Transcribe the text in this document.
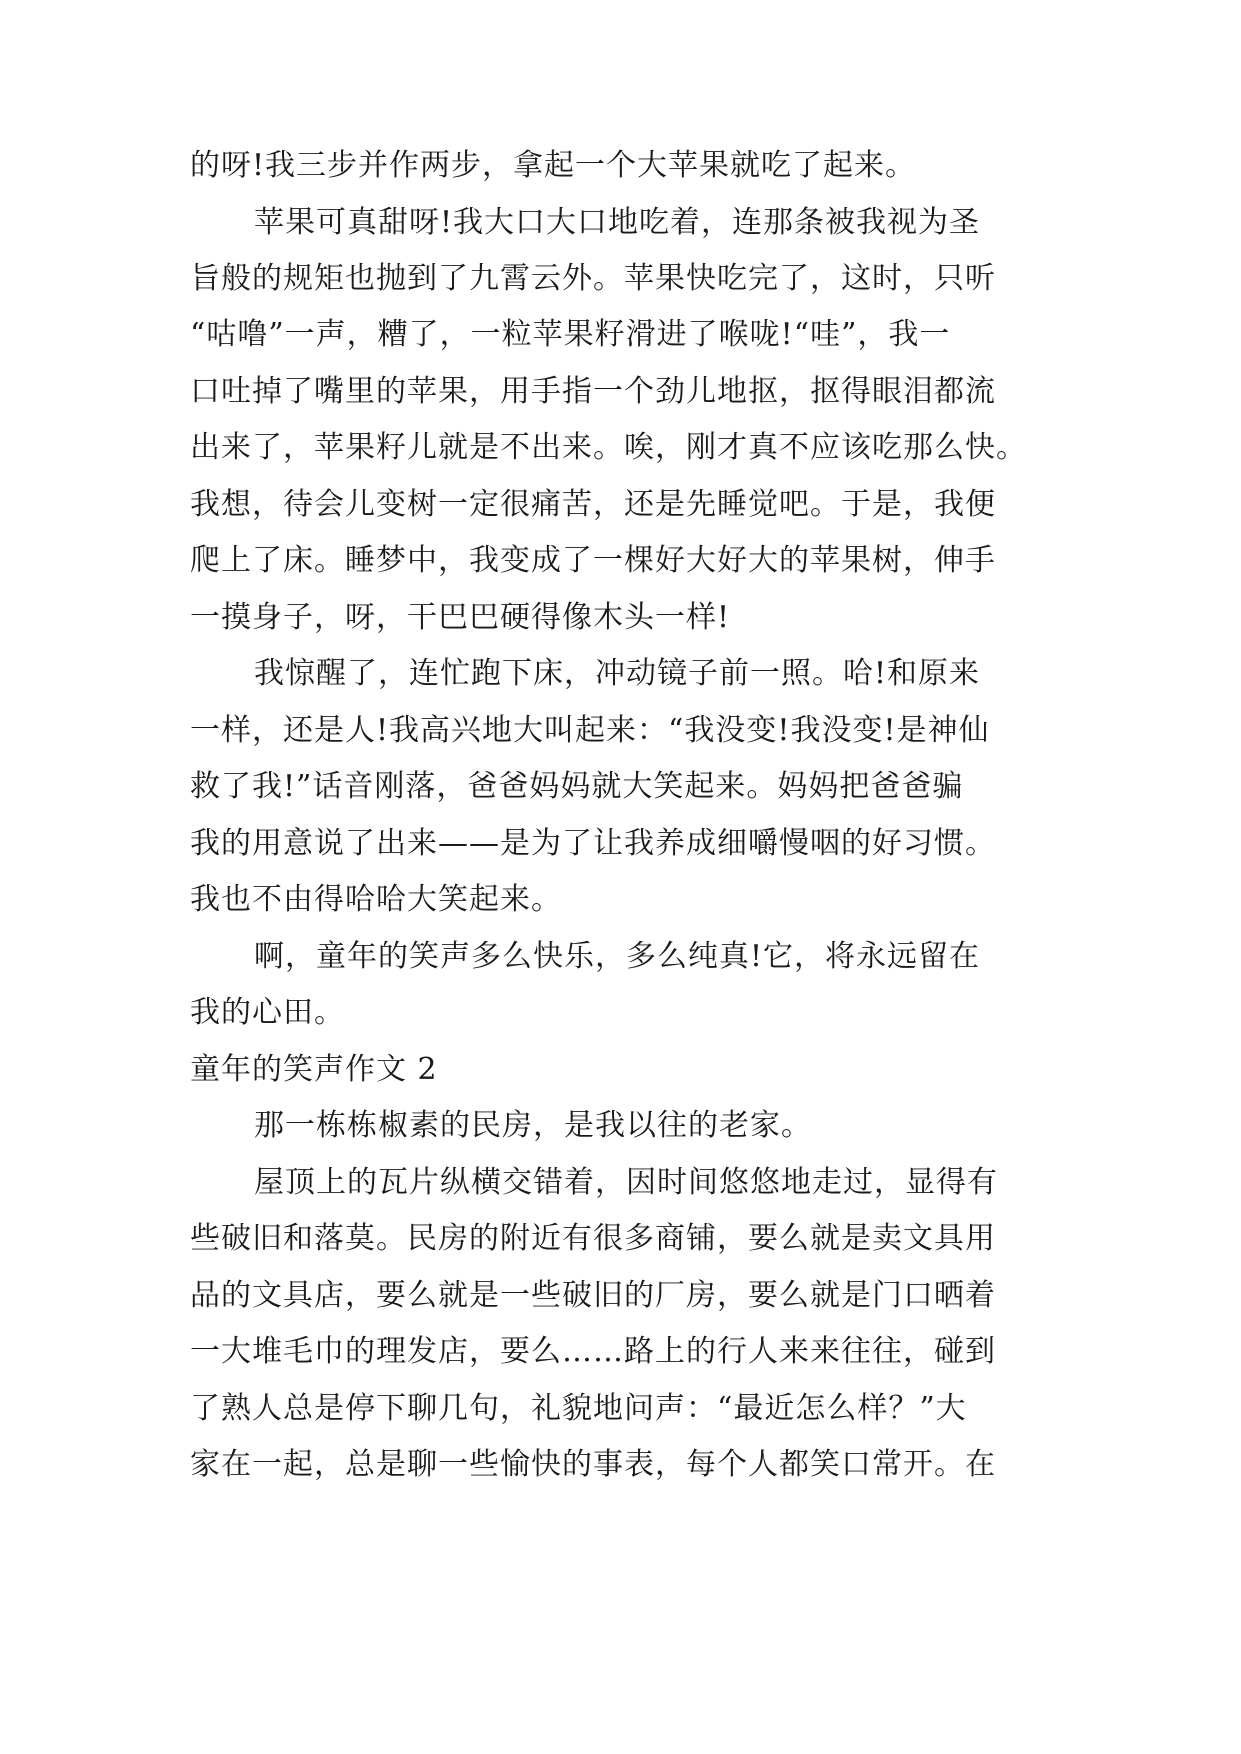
的呀!我三步并作两步，拿起一个大苹果就吃了起来。
苹果可真甜呀!我大口大口地吃着，连那条被我视为圣
旨般的规矩也抛到了九霄云外。苹果快吃完了，这时，只听
“咕噜”一声，糟了，一粒苹果籽滑进了喉咙!“哇”，我一
口吐掉了嘴里的苹果，用手指一个劲儿地抠，抠得眼泪都流
出来了，苹果籽儿就是不出来。唉，刚才真不应该吃那么快。
我想，待会儿变树一定很痛苦，还是先睡觉吧。于是，我便
爬上了床。睡梦中，我变成了一棵好大好大的苹果树，伸手
一摸身子，呀，干巴巴硬得像木头一样!
我惊醒了，连忙跑下床，冲动镜子前一照。哈!和原来
一样，还是人!我高兴地大叫起来：“我没变!我没变!是神仙
救了我!”话音刚落，爸爸妈妈就大笑起来。妈妈把爸爸骗
我的用意说了出来——是为了让我养成细嚼慢咽的好习惯。
我也不由得哈哈大笑起来。
啊，童年的笑声多么快乐，多么纯真!它，将永远留在
我的心田。
童年的笑声作文 2
那一栋栋椒素的民房，是我以往的老家。
屋顶上的瓦片纵横交错着，因时间悠悠地走过，显得有
些破旧和落莫。民房的附近有很多商铺，要么就是卖文具用
品的文具店，要么就是一些破旧的厂房，要么就是门口晒着
一大堆毛巾的理发店，要么……路上的行人来来往往，碰到
了熟人总是停下聊几句，礼貌地问声：“最近怎么样？”大
家在一起，总是聊一些愉快的事表，每个人都笑口常开。在
